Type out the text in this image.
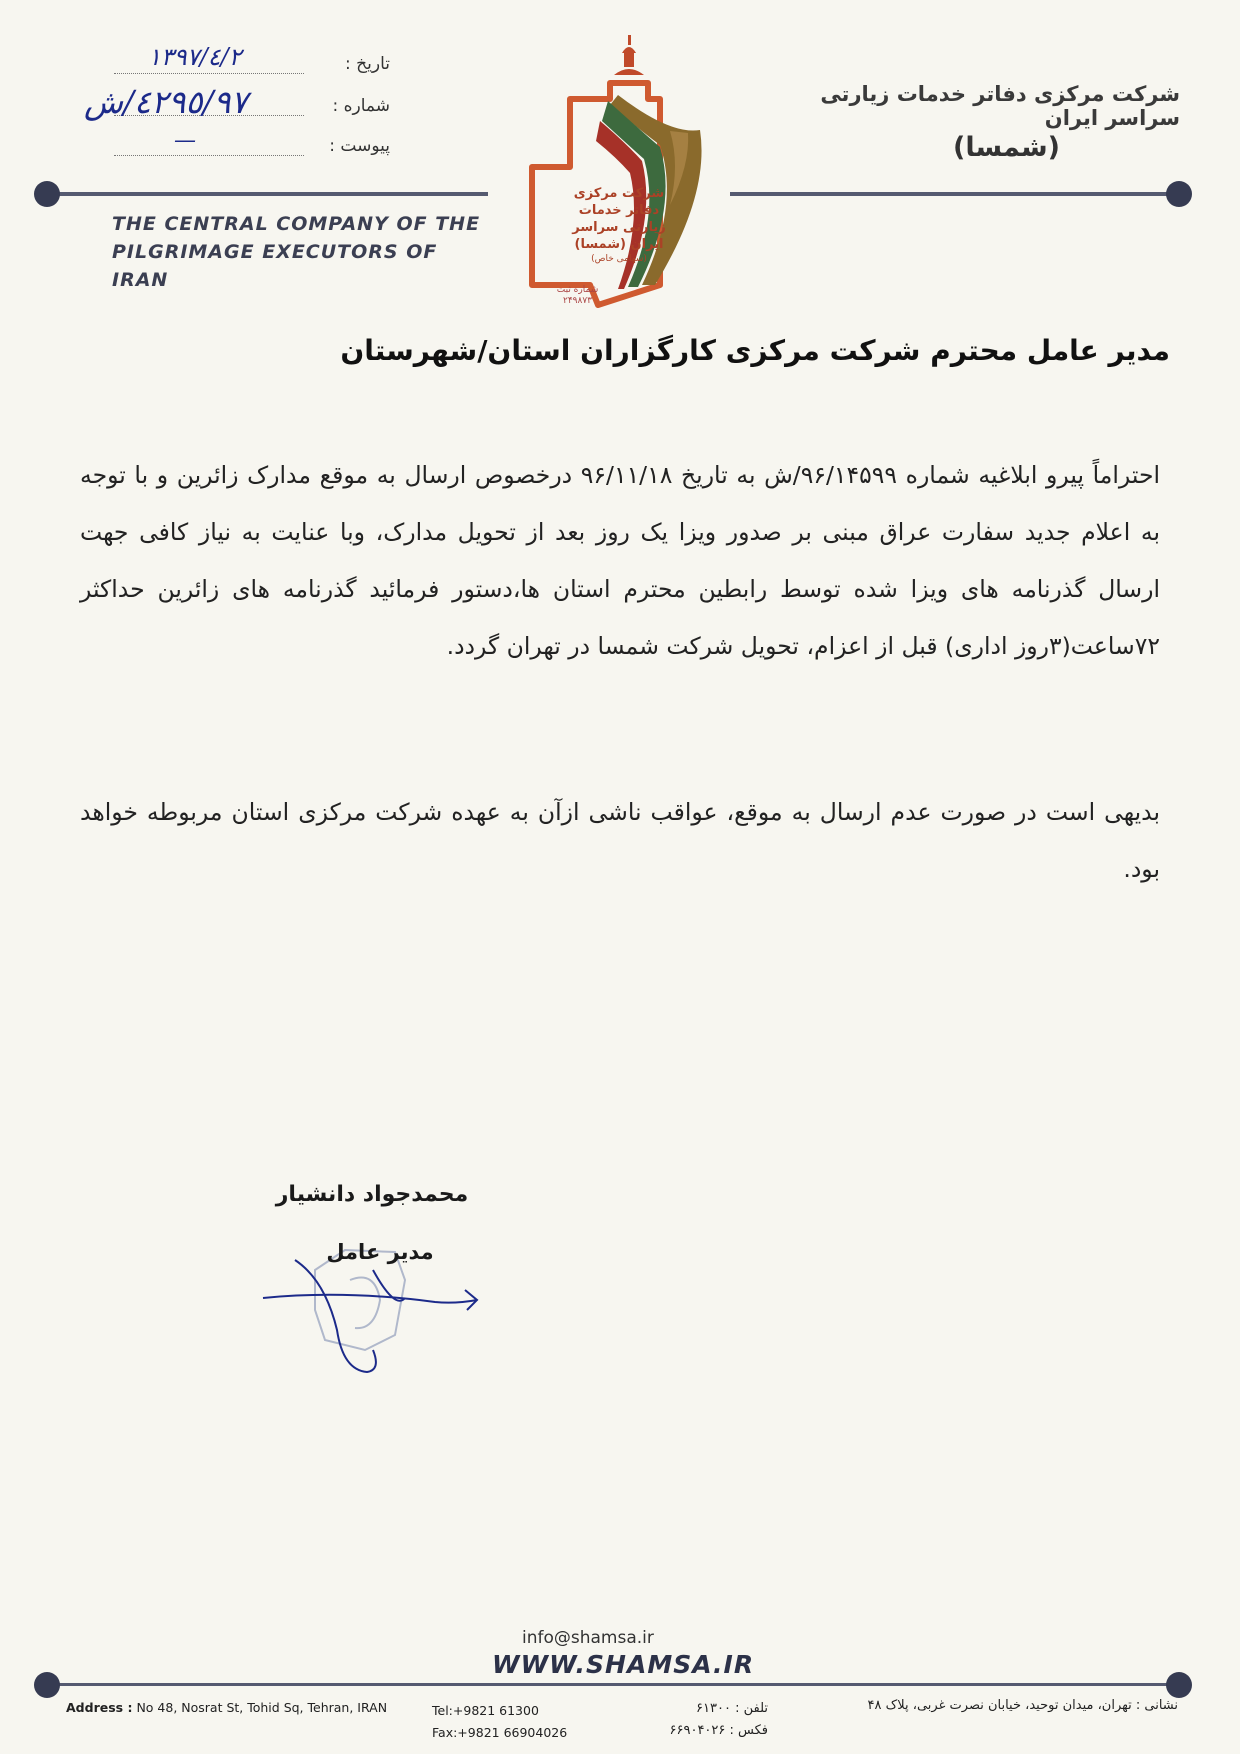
شرکت مرکزی دفاتر خدمات زیارتی سراسر ایران
(شمسا)
THE CENTRAL COMPANY OF THE
PILGRIMAGE EXECUTORS OF IRAN
تاریخ :
١٣٩٧/٤/٢
شماره :
٤٢٩٥/٩٧/ش
پیوست :
—
شرکت مرکزی
دفاتر خدمات
زیارتی سراسر
ایران (شمسا)
(سهامی خاص)
شماره ثبت
۲۴۹۸۷۳
مدیر عامل محترم شرکت مرکزی کارگزاران استان/شهرستان
احتراماً پیرو ابلاغیه شماره ۹۶/۱۴۵۹۹/ش به تاریخ ۹۶/۱۱/۱۸ درخصوص ارسال به موقع مدارک زائرین و با توجه به اعلام جدید سفارت عراق مبنی بر صدور ویزا یک روز بعد از تحویل مدارک، وبا عنایت به نیاز کافی جهت ارسال گذرنامه های ویزا شده توسط رابطین محترم استان ها،دستور فرمائید گذرنامه های زائرین حداکثر ۷۲ساعت(۳روز اداری) قبل از اعزام، تحویل شرکت شمسا در تهران گردد.
بدیهی است در صورت عدم ارسال به موقع، عواقب ناشی ازآن به عهده شرکت مرکزی استان مربوطه خواهد بود.
محمدجواد دانشیار
مدیر عامل
info@shamsa.ir
WWW.SHAMSA.IR
Address : No 48, Nosrat St, Tohid Sq, Tehran, IRAN	Tel:+9821 61300
Fax:+9821 66904026
تلفن : ۶۱۳۰۰
فکس : ۶۶۹۰۴۰۲۶
نشانی : تهران، میدان توحید، خیابان نصرت غربی، پلاک ۴۸
